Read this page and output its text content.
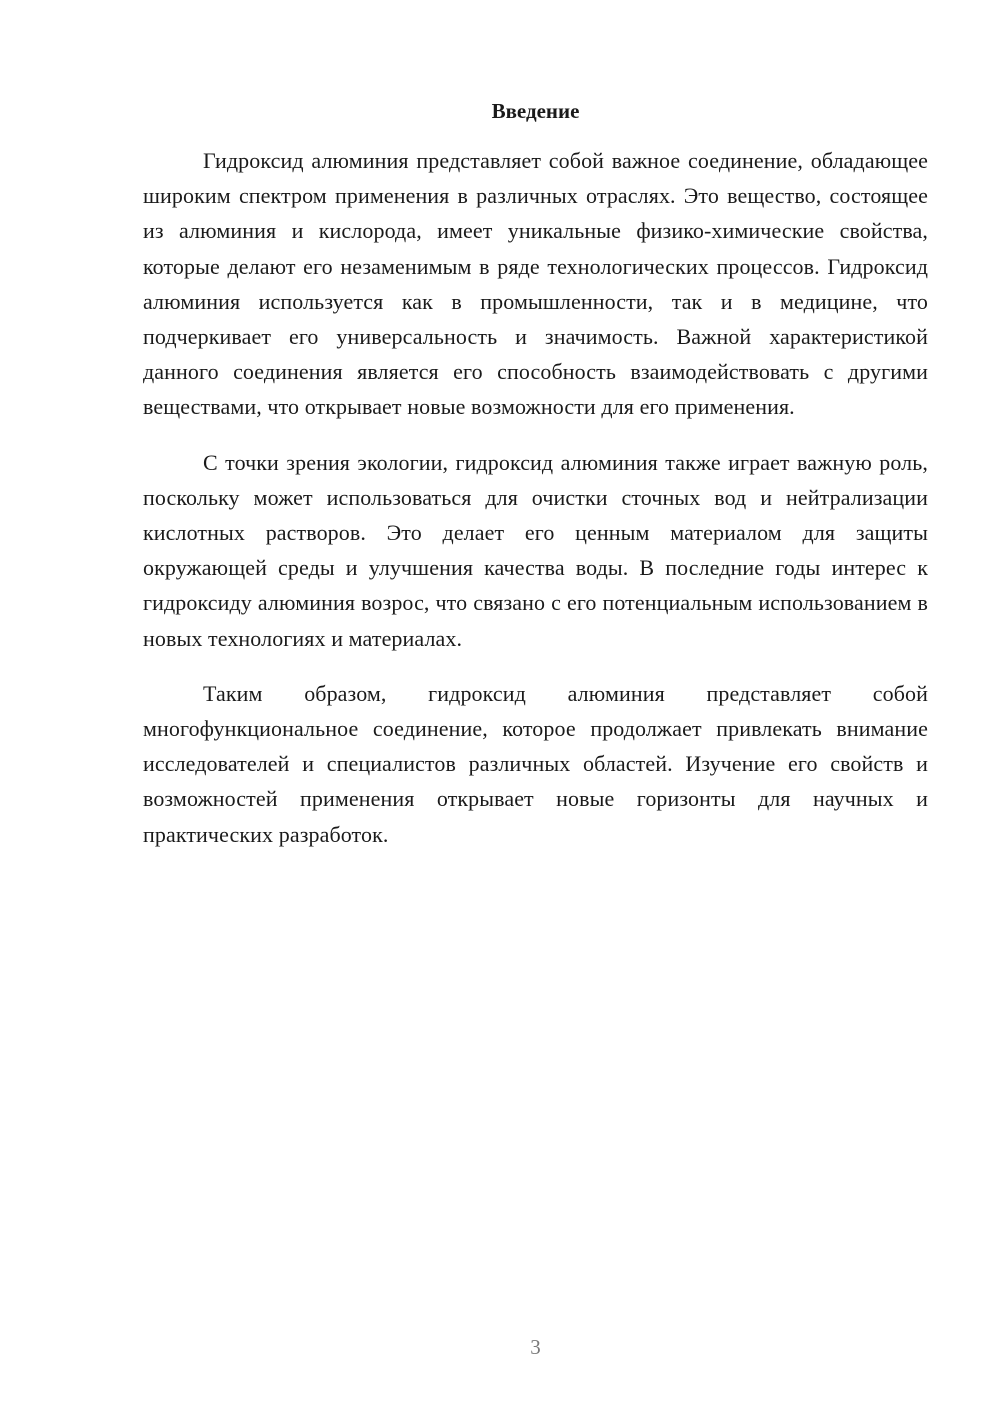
Введение

Гидроксид алюминия представляет собой важное соединение, обладающее широким спектром применения в различных отраслях. Это вещество, состоящее из алюминия и кислорода, имеет уникальные физико-химические свойства, которые делают его незаменимым в ряде технологических процессов. Гидроксид алюминия используется как в промышленности, так и в медицине, что подчеркивает его универсальность и значимость. Важной характеристикой данного соединения является его способность взаимодействовать с другими веществами, что открывает новые возможности для его применения.

С точки зрения экологии, гидроксид алюминия также играет важную роль, поскольку может использоваться для очистки сточных вод и нейтрализации кислотных растворов. Это делает его ценным материалом для защиты окружающей среды и улучшения качества воды. В последние годы интерес к гидроксиду алюминия возрос, что связано с его потенциальным использованием в новых технологиях и материалах.

Таким образом, гидроксид алюминия представляет собой многофункциональное соединение, которое продолжает привлекать внимание исследователей и специалистов различных областей. Изучение его свойств и возможностей применения открывает новые горизонты для научных и практических разработок.

3
